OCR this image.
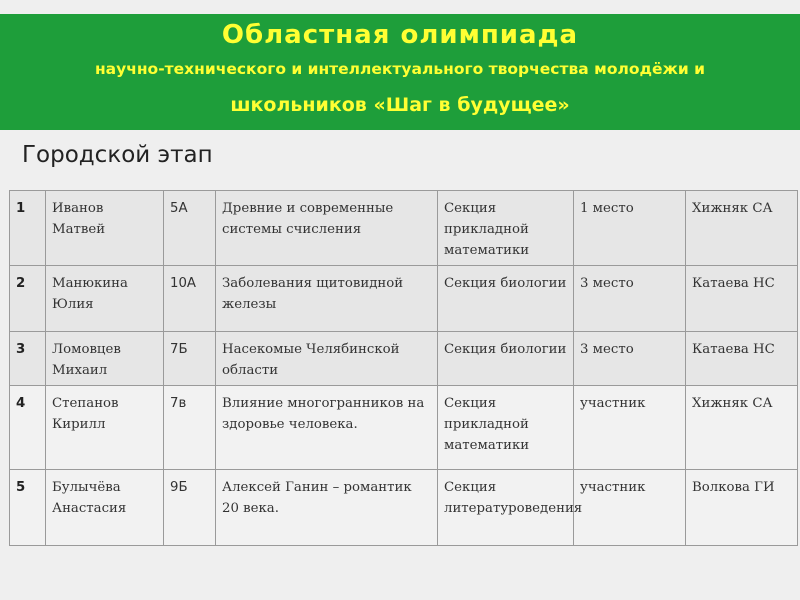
Областная олимпиада
научно-технического и интеллектуального творчества молодёжи и
школьников «Шаг в будущее»
Городской этап
1	Иванов Матвей	5А	Древние и современные системы счисления	Секция прикладной математики	1 место	Хижняк СА
2	Манюкина Юлия	10А	Заболевания щитовидной железы	Секция биологии	3 место	Катаева НС
3	Ломовцев Михаил	7Б	Насекомые Челябинской области	Секция биологии	3 место	Катаева НС
4	Степанов Кирилл	7в	Влияние многогранников на здоровье человека.	Секция прикладной математики	участник	Хижняк СА
5	Булычёва Анастасия	9Б	Алексей Ганин – романтик 20 века.	Секция литературоведения	участник	Волкова ГИ
